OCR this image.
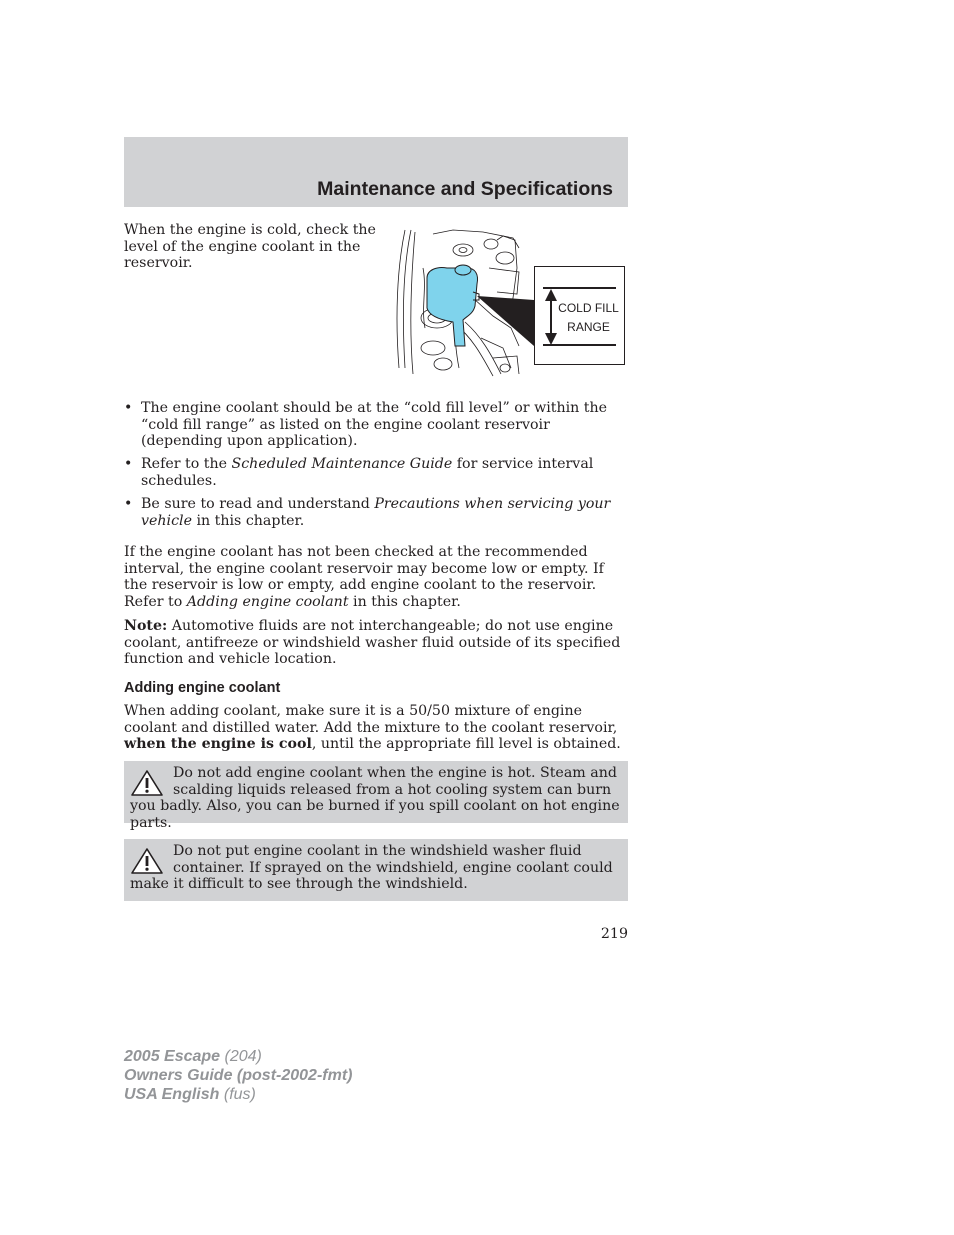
Maintenance and Specifications
When the engine is cold, check the level of the engine coolant in the reservoir.
COLD FILL
RANGE
• The engine coolant should be at the “cold fill level” or within the “cold fill range” as listed on the engine coolant reservoir (depending upon application).
• Refer to the Scheduled Maintenance Guide for service interval schedules.
• Be sure to read and understand Precautions when servicing your vehicle in this chapter.
If the engine coolant has not been checked at the recommended interval, the engine coolant reservoir may become low or empty. If the reservoir is low or empty, add engine coolant to the reservoir. Refer to Adding engine coolant in this chapter.
Note: Automotive fluids are not interchangeable; do not use engine coolant, antifreeze or windshield washer fluid outside of its specified function and vehicle location.
Adding engine coolant
When adding coolant, make sure it is a 50/50 mixture of engine coolant and distilled water. Add the mixture to the coolant reservoir, when the engine is cool, until the appropriate fill level is obtained.
Do not add engine coolant when the engine is hot. Steam and scalding liquids released from a hot cooling system can burn you badly. Also, you can be burned if you spill coolant on hot engine parts.
Do not put engine coolant in the windshield washer fluid container. If sprayed on the windshield, engine coolant could make it difficult to see through the windshield.
219
2005 Escape (204)
Owners Guide (post-2002-fmt)
USA English (fus)
